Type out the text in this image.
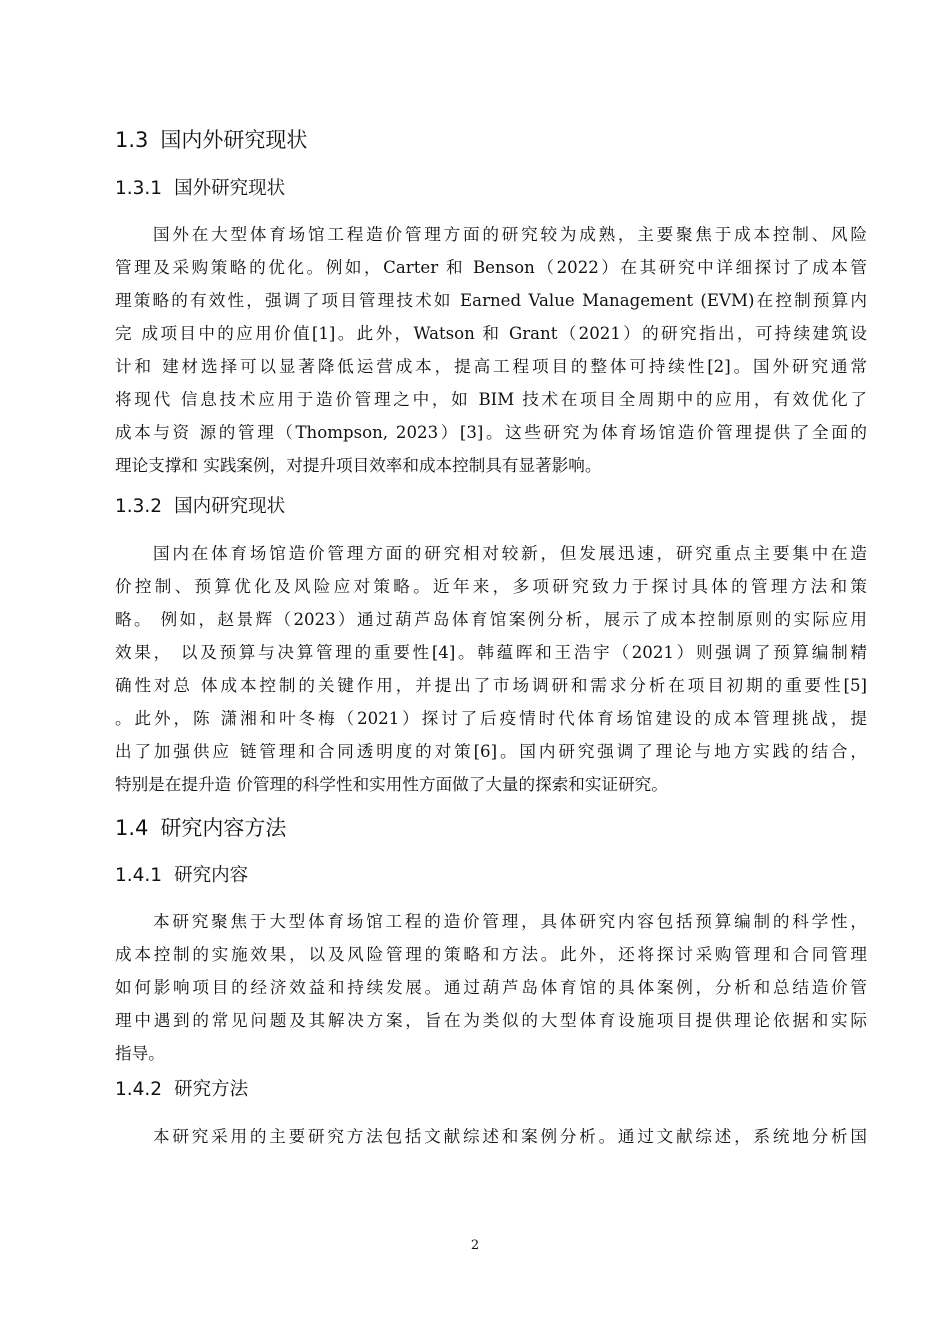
1.3 国内外研究现状
1.3.1 国外研究现状
国外在大型体育场馆工程造价管理方面的研究较为成熟，主要聚焦于成本控制、风险
管理及采购策略的优化。例如，Carter 和 Benson（2022）在其研究中详细探讨了成本管
理策略的有效性，强调了项目管理技术如 Earned Value Management (EVM)在控制预算内
完 成项目中的应用价值[1]。此外，Watson 和 Grant（2021）的研究指出，可持续建筑设
计和 建材选择可以显著降低运营成本，提高工程项目的整体可持续性[2]。国外研究通常
将现代 信息技术应用于造价管理之中，如 BIM 技术在项目全周期中的应用，有效优化了
成本与资 源的管理（Thompson, 2023）[3]。这些研究为体育场馆造价管理提供了全面的
理论支撑和 实践案例，对提升项目效率和成本控制具有显著影响。
1.3.2 国内研究现状
国内在体育场馆造价管理方面的研究相对较新，但发展迅速，研究重点主要集中在造
价控制、预算优化及风险应对策略。近年来，多项研究致力于探讨具体的管理方法和策
略。 例如，赵景辉（2023）通过葫芦岛体育馆案例分析，展示了成本控制原则的实际应用
效果， 以及预算与决算管理的重要性[4]。韩蕴晖和王浩宇（2021）则强调了预算编制精
确性对总 体成本控制的关键作用，并提出了市场调研和需求分析在项目初期的重要性[5]
。此外，陈 潇湘和叶冬梅（2021）探讨了后疫情时代体育场馆建设的成本管理挑战，提
出了加强供应 链管理和合同透明度的对策[6]。国内研究强调了理论与地方实践的结合，
特别是在提升造 价管理的科学性和实用性方面做了大量的探索和实证研究。
1.4 研究内容方法
1.4.1 研究内容
本研究聚焦于大型体育场馆工程的造价管理，具体研究内容包括预算编制的科学性，
成本控制的实施效果，以及风险管理的策略和方法。此外，还将探讨采购管理和合同管理
如何影响项目的经济效益和持续发展。通过葫芦岛体育馆的具体案例，分析和总结造价管
理中遇到的常见问题及其解决方案，旨在为类似的大型体育设施项目提供理论依据和实际
指导。
1.4.2 研究方法
本研究采用的主要研究方法包括文献综述和案例分析。通过文献综述，系统地分析国
2
